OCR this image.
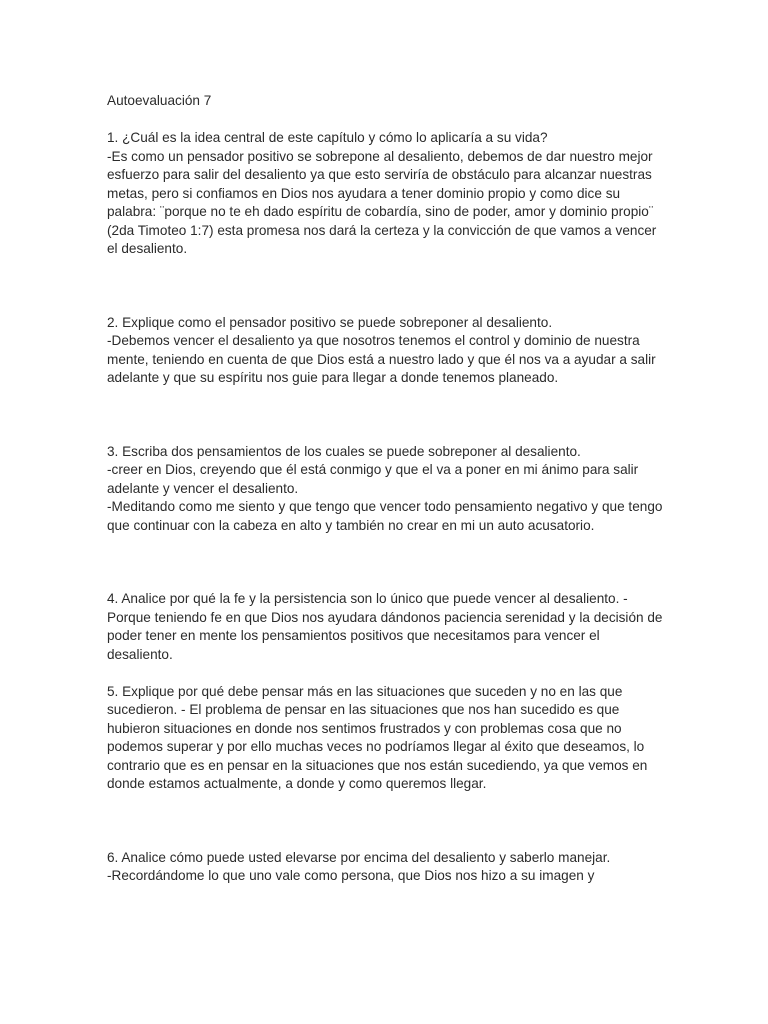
Autoevaluación 7

1. ¿Cuál es la idea central de este capítulo y cómo lo aplicaría a su vida?

-Es como un pensador positivo se sobrepone al desaliento, debemos de dar nuestro mejor esfuerzo para salir del desaliento ya que esto serviría de obstáculo para alcanzar nuestras metas, pero si confiamos en Dios nos ayudara a tener dominio propio y como dice su palabra: ¨porque no te eh dado espíritu de cobardía, sino de poder, amor y dominio propio¨ (2da Timoteo 1:7) esta promesa nos dará la certeza y la convicción de que vamos a vencer el desaliento.

2. Explique como el pensador positivo se puede sobreponer al desaliento.

-Debemos vencer el desaliento ya que nosotros tenemos el control y dominio de nuestra mente, teniendo en cuenta de que Dios está a nuestro lado y que él nos va a ayudar a salir adelante y que su espíritu nos guie para llegar a donde tenemos planeado.

3. Escriba dos pensamientos de los cuales se puede sobreponer al desaliento.

-creer en Dios, creyendo que él está conmigo y que el va a poner en mi ánimo para salir adelante y vencer el desaliento.

-Meditando como me siento y que tengo que vencer todo pensamiento negativo y que tengo que continuar con la cabeza en alto y también no crear en mi un auto acusatorio.

4. Analice por qué la fe y la persistencia son lo único que puede vencer al desaliento. -Porque teniendo fe en que Dios nos ayudara dándonos paciencia serenidad y la decisión de poder tener en mente los pensamientos positivos que necesitamos para vencer el desaliento.

5. Explique por qué debe pensar más en las situaciones que suceden y no en las que sucedieron. - El problema de pensar en las situaciones que nos han sucedido es que hubieron situaciones en donde nos sentimos frustrados y con problemas cosa que no podemos superar y por ello muchas veces no podríamos llegar al éxito que deseamos, lo contrario que es en pensar en la situaciones que nos están sucediendo, ya que vemos en donde estamos actualmente, a donde y como queremos llegar.

6. Analice cómo puede usted elevarse por encima del desaliento y saberlo manejar.

-Recordándome lo que uno vale como persona, que Dios nos hizo a su imagen y
